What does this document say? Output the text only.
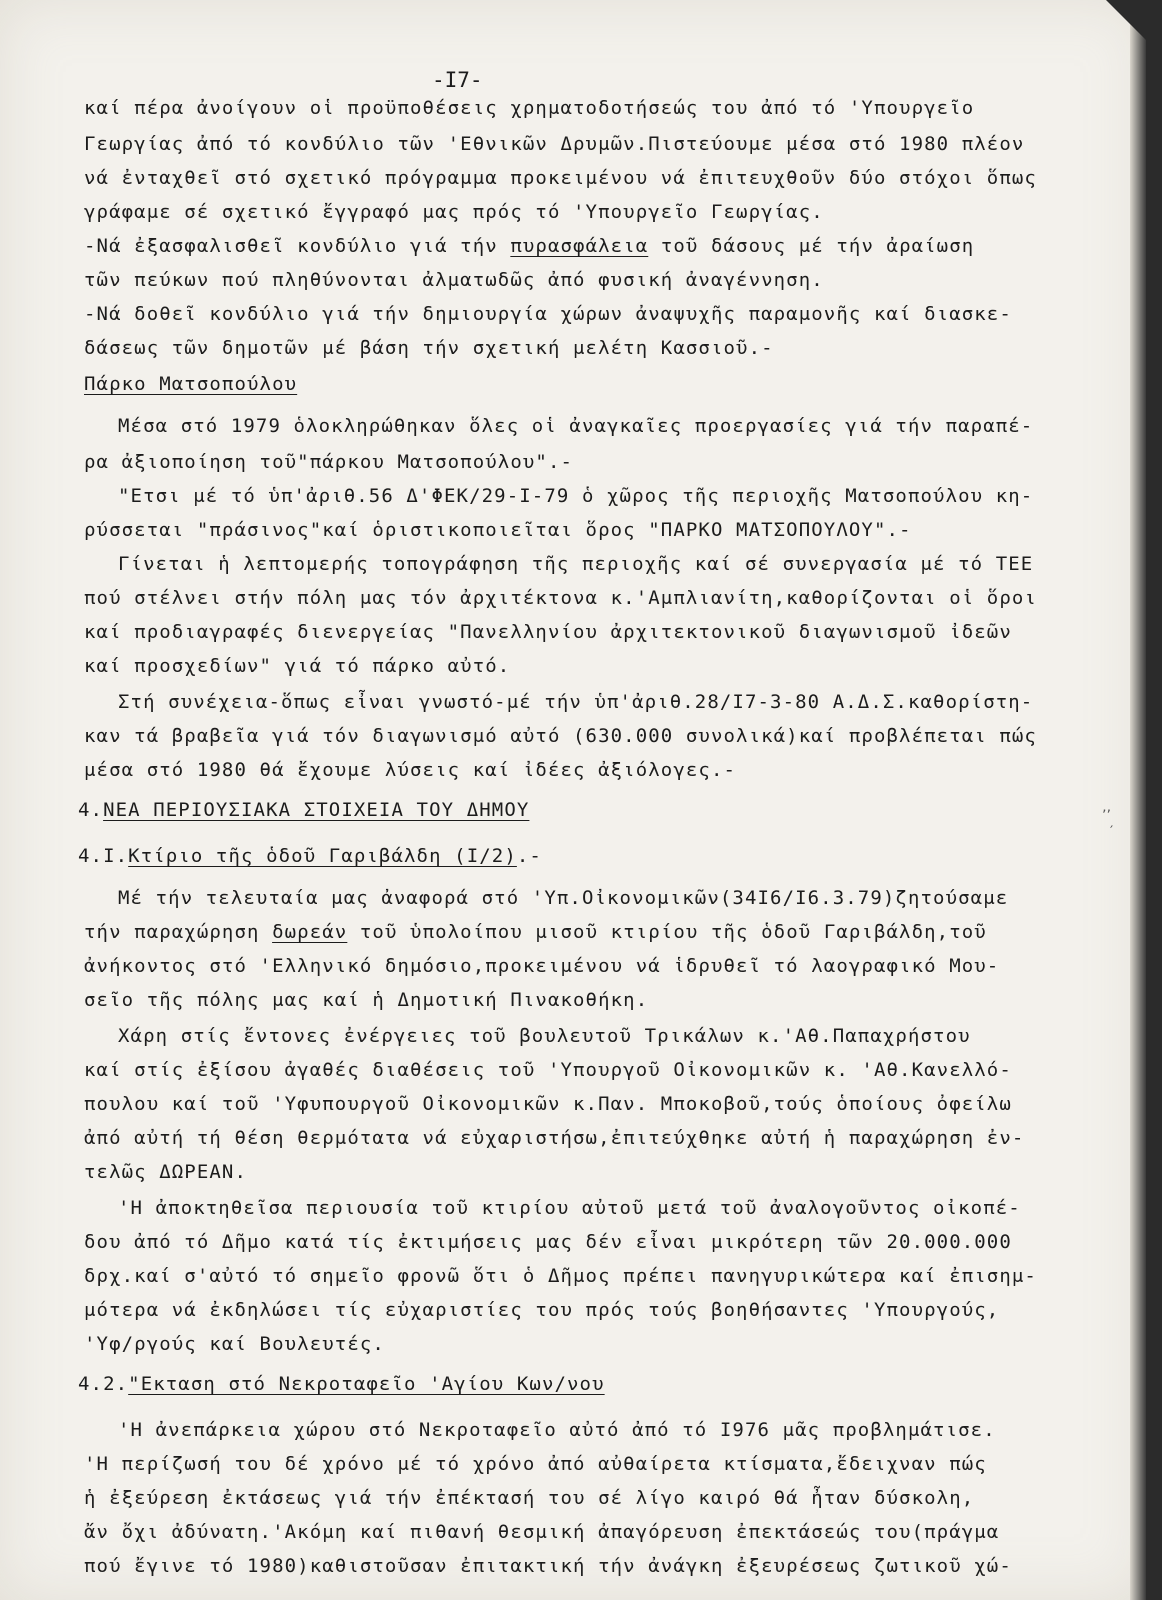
-I7-
καί πέρα ἀνοίγουν οἱ προϋποθέσεις χρηματοδοτήσεώς του ἀπό τό 'Υπουργεῖο
Γεωργίας ἀπό τό κονδύλιο τῶν 'Εθνικῶν Δρυμῶν.Πιστεύουμε μέσα στό 1980 πλέον
νά ἐνταχθεῖ στό σχετικό πρόγραμμα προκειμένου νά ἐπιτευχθοῦν δύο στόχοι ὅπως
γράφαμε σέ σχετικό ἔγγραφό μας πρός τό 'Υπουργεῖο Γεωργίας.
-Νά ἐξασφαλισθεῖ κονδύλιο γιά τήν πυρασφάλεια τοῦ δάσους μέ τήν ἀραίωση
τῶν πεύκων πού πληθύνονται ἀλματωδῶς ἀπό φυσική ἀναγέννηση.
-Νά δοθεῖ κονδύλιο γιά τήν δημιουργία χώρων ἀναψυχῆς παραμονῆς καί διασκε-
δάσεως τῶν δημοτῶν μέ βάση τήν σχετική μελέτη Κασσιοῦ.-
Πάρκο Ματσοπούλου
Μέσα στό 1979 ὁλοκληρώθηκαν ὅλες οἱ ἀναγκαῖες προεργασίες γιά τήν παραπέ-
ρα ἀξιοποίηση τοῦ"πάρκου Ματσοπούλου".-
"Ετσι μέ τό ὑπ'ἀριθ.56 Δ'ΦΕΚ/29-Ι-79 ὁ χῶρος τῆς περιοχῆς Ματσοπούλου κη-
ρύσσεται "πράσινος"καί ὁριστικοποιεῖται ὅρος "ΠΑΡΚΟ ΜΑΤΣΟΠΟΥΛΟΥ".-
Γίνεται ἡ λεπτομερής τοπογράφηση τῆς περιοχῆς καί σέ συνεργασία μέ τό ΤΕΕ
πού στέλνει στήν πόλη μας τόν ἀρχιτέκτονα κ.'Αμπλιανίτη,καθορίζονται οἱ ὅροι
καί προδιαγραφές διενεργείας "Πανελληνίου ἀρχιτεκτονικοῦ διαγωνισμοῦ ἰδεῶν
καί προσχεδίων" γιά τό πάρκο αὐτό.
Στή συνέχεια-ὅπως εἶναι γνωστό-μέ τήν ὑπ'ἀριθ.28/Ι7-3-80 Α.Δ.Σ.καθορίστη-
καν τά βραβεῖα γιά τόν διαγωνισμό αὐτό (630.000 συνολικά)καί προβλέπεται πώς
μέσα στό 1980 θά ἔχουμε λύσεις καί ἰδέες ἀξιόλογες.-
4.ΝΕΑ ΠΕΡΙΟΥΣΙΑΚΑ ΣΤΟΙΧΕΙΑ ΤΟΥ ΔΗΜΟΥ
4.Ι.Κτίριο τῆς ὁδοῦ Γαριβάλδη (Ι/2).-
Μέ τήν τελευταία μας ἀναφορά στό 'Υπ.Οἰκονομικῶν(34Ι6/Ι6.3.79)ζητούσαμε
τήν παραχώρηση δωρεάν τοῦ ὑπολοίπου μισοῦ κτιρίου τῆς ὁδοῦ Γαριβάλδη,τοῦ
ἀνήκοντος στό 'Ελληνικό δημόσιο,προκειμένου νά ἱδρυθεῖ τό λαογραφικό Μου-
σεῖο τῆς πόλης μας καί ἡ Δημοτική Πινακοθήκη.
Χάρη στίς ἔντονες ἐνέργειες τοῦ βουλευτοῦ Τρικάλων κ.'Αθ.Παπαχρήστου
καί στίς ἐξίσου ἀγαθές διαθέσεις τοῦ 'Υπουργοῦ Οἰκονομικῶν κ. 'Αθ.Κανελλό-
πουλου καί τοῦ 'Υφυπουργοῦ Οἰκονομικῶν κ.Παν. Μποκοβοῦ,τούς ὁποίους ὀφείλω
ἀπό αὐτή τή θέση θερμότατα νά εὐχαριστήσω,ἐπιτεύχθηκε αὐτή ἡ παραχώρηση ἐν-
τελῶς ΔΩΡΕΑΝ.
'Η ἀποκτηθεῖσα περιουσία τοῦ κτιρίου αὐτοῦ μετά τοῦ ἀναλογοῦντος οἰκοπέ-
δου ἀπό τό Δῆμο κατά τίς ἐκτιμήσεις μας δέν εἶναι μικρότερη τῶν 20.000.000
δρχ.καί σ'αὐτό τό σημεῖο φρονῶ ὅτι ὁ Δῆμος πρέπει πανηγυρικώτερα καί ἐπισημ-
μότερα νά ἐκδηλώσει τίς εὐχαριστίες του πρός τούς βοηθήσαντες 'Υπουργούς,
'Υφ/ργούς καί Βουλευτές.
4.2."Εκταση στό Νεκροταφεῖο 'Αγίου Κων/νου
'Η ἀνεπάρκεια χώρου στό Νεκροταφεῖο αὐτό ἀπό τό Ι976 μᾶς προβλημάτισε.
'Η περίζωσή του δέ χρόνο μέ τό χρόνο ἀπό αὐθαίρετα κτίσματα,ἔδειχναν πώς
ἡ ἐξεύρεση ἐκτάσεως γιά τήν ἐπέκτασή του σέ λίγο καιρό θά ἦταν δύσκολη,
ἄν ὄχι ἀδύνατη.'Ακόμη καί πιθανή θεσμική ἀπαγόρευση ἐπεκτάσεώς του(πράγμα
πού ἔγινε τό 1980)καθιστοῦσαν ἐπιτακτική τήν ἀνάγκη ἐξευρέσεως ζωτικοῦ χώ-
’’
′
